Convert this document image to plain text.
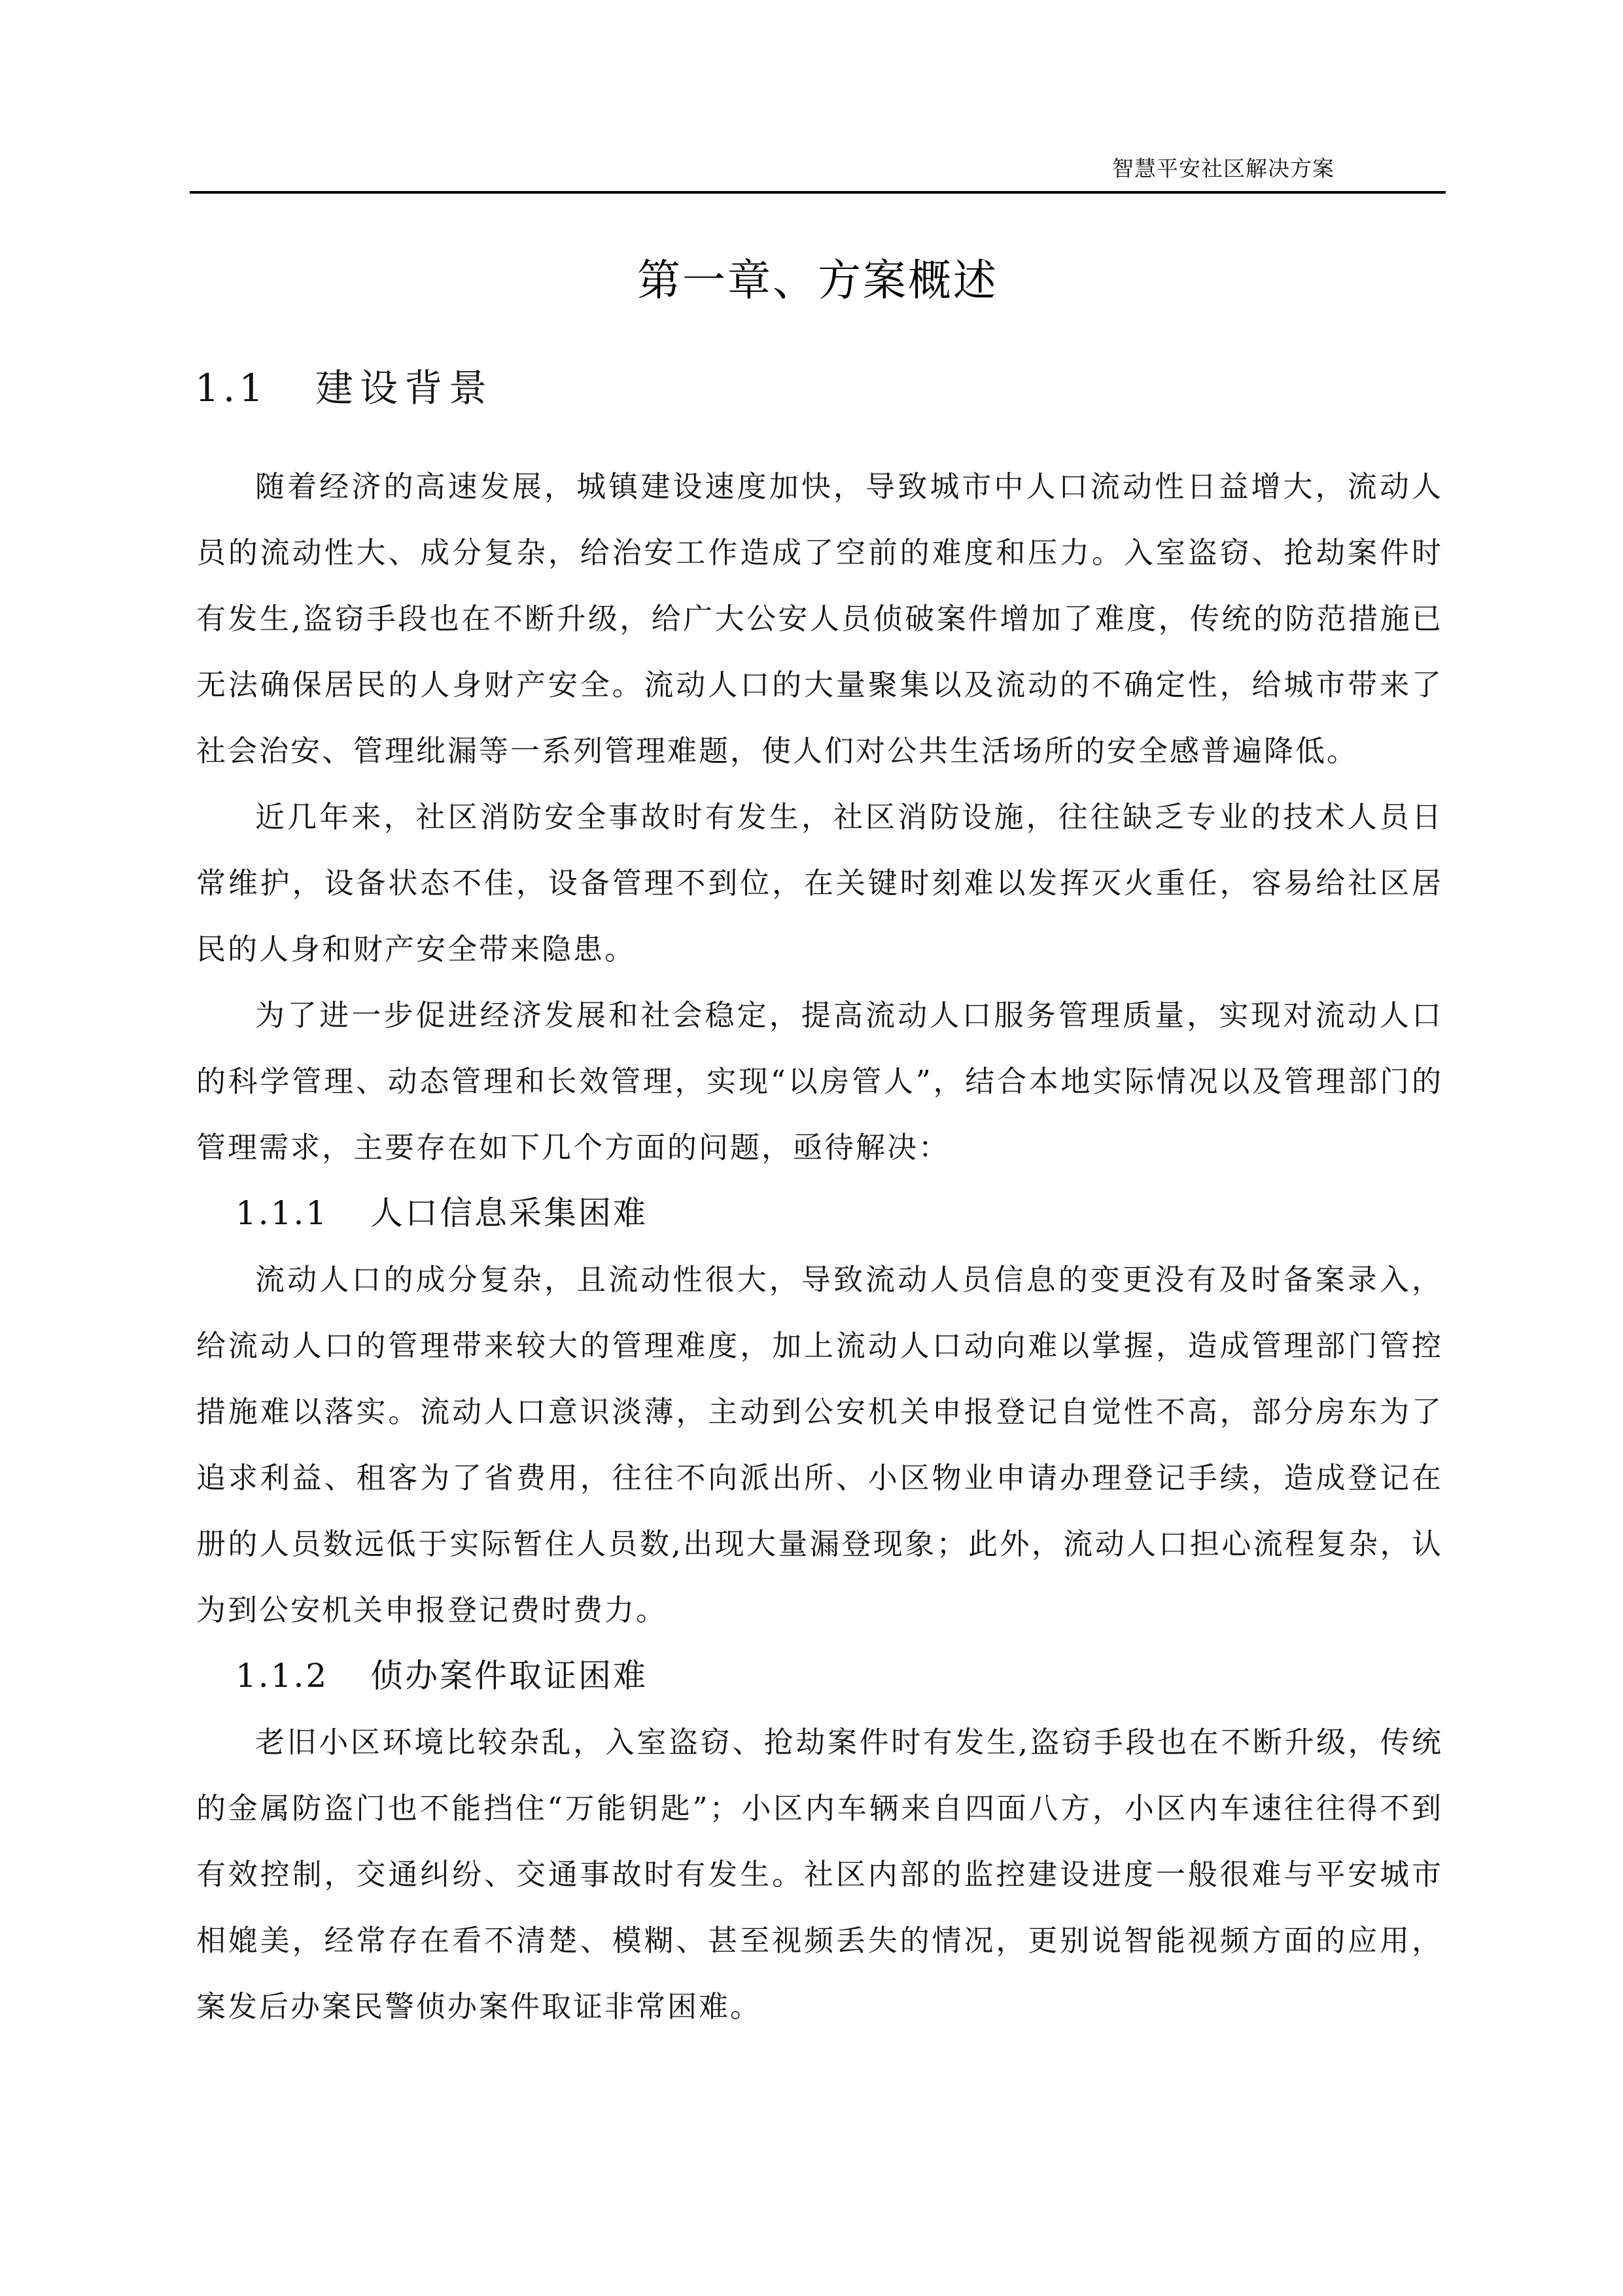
智慧平安社区解决方案
第一章、方案概述
1.1 建设背景

随着经济的高速发展，城镇建设速度加快，导致城市中人口流动性日益增大，流动人员的流动性大、成分复杂，给治安工作造成了空前的难度和压力。入室盗窃、抢劫案件时有发生,盗窃手段也在不断升级，给广大公安人员侦破案件增加了难度，传统的防范措施已无法确保居民的人身财产安全。流动人口的大量聚集以及流动的不确定性，给城市带来了社会治安、管理纰漏等一系列管理难题，使人们对公共生活场所的安全感普遍降低。

近几年来，社区消防安全事故时有发生，社区消防设施，往往缺乏专业的技术人员日常维护，设备状态不佳，设备管理不到位，在关键时刻难以发挥灭火重任，容易给社区居民的人身和财产安全带来隐患。

为了进一步促进经济发展和社会稳定，提高流动人口服务管理质量，实现对流动人口的科学管理、动态管理和长效管理，实现“以房管人”，结合本地实际情况以及管理部门的管理需求，主要存在如下几个方面的问题，亟待解决：

1.1.1 人口信息采集困难

流动人口的成分复杂，且流动性很大，导致流动人员信息的变更没有及时备案录入，给流动人口的管理带来较大的管理难度，加上流动人口动向难以掌握，造成管理部门管控措施难以落实。流动人口意识淡薄，主动到公安机关申报登记自觉性不高，部分房东为了追求利益、租客为了省费用，往往不向派出所、小区物业申请办理登记手续，造成登记在册的人员数远低于实际暂住人员数,出现大量漏登现象；此外，流动人口担心流程复杂，认为到公安机关申报登记费时费力。

1.1.2 侦办案件取证困难

老旧小区环境比较杂乱，入室盗窃、抢劫案件时有发生,盗窃手段也在不断升级，传统的金属防盗门也不能挡住“万能钥匙”；小区内车辆来自四面八方，小区内车速往往得不到有效控制，交通纠纷、交通事故时有发生。社区内部的监控建设进度一般很难与平安城市相媲美，经常存在看不清楚、模糊、甚至视频丢失的情况，更别说智能视频方面的应用，案发后办案民警侦办案件取证非常困难。
